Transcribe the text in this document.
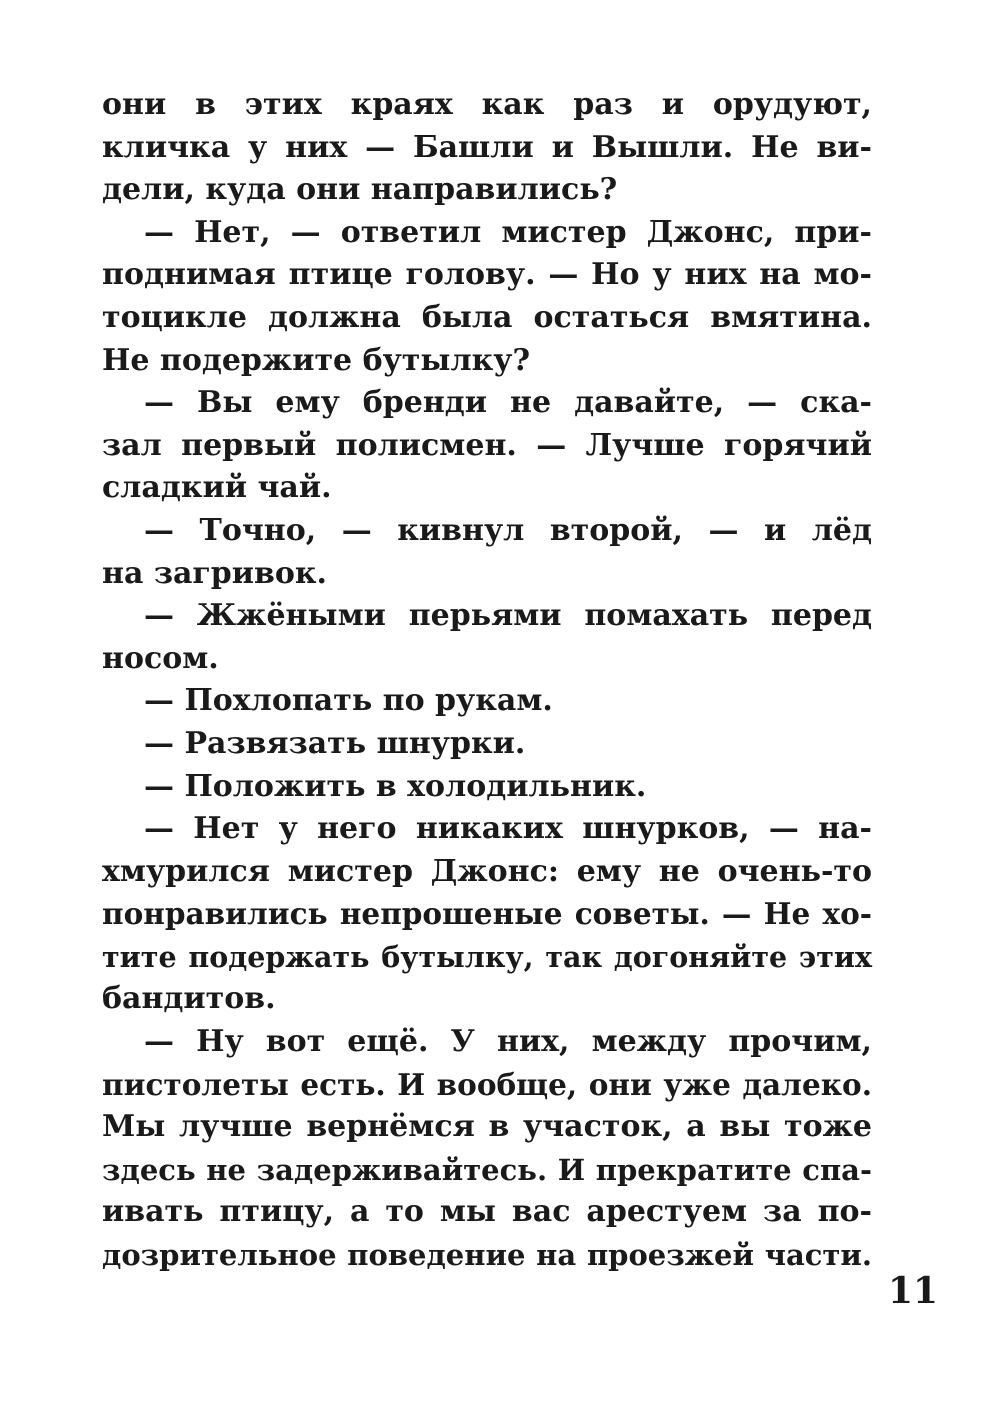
они в этих краях как раз и орудуют,
кличка у них — Башли и Вышли. Не ви-
дели, куда они направились?
— Нет, — ответил мистер Джонс, при-
поднимая птице голову. — Но у них на мо-
тоцикле должна была остаться вмятина.
Не подержите бутылку?
— Вы ему бренди не давайте, — ска-
зал первый полисмен. — Лучше горячий
сладкий чай.
— Точно, — кивнул второй, — и лёд
на загривок.
— Жжёными перьями помахать перед
носом.
— Похлопать по рукам.
— Развязать шнурки.
— Положить в холодильник.
— Нет у него никаких шнурков, — на-
хмурился мистер Джонс: ему не очень-то
понравились непрошеные советы. — Не хо-
тите подержать бутылку, так догоняйте этих
бандитов.
— Ну вот ещё. У них, между прочим,
пистолеты есть. И вообще, они уже далеко.
Мы лучше вернёмся в участок, а вы тоже
здесь не задерживайтесь. И прекратите спа-
ивать птицу, а то мы вас арестуем за по-
дозрительное поведение на проезжей части.
11
